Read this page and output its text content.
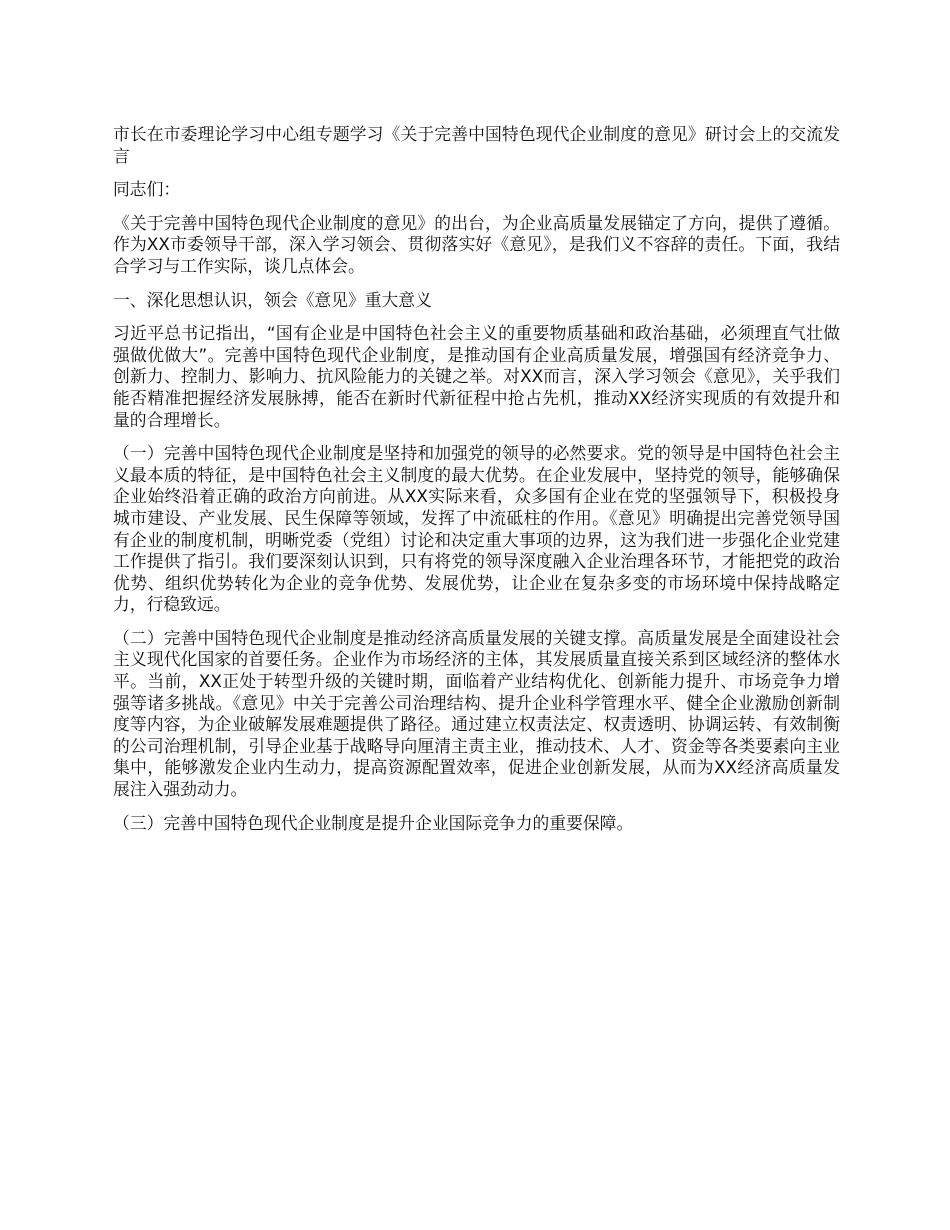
市长在市委理论学习中心组专题学习《关于完善中国特色现代企业制度的意见》研讨会上的交流发言

同志们：

《关于完善中国特色现代企业制度的意见》的出台，为企业高质量发展锚定了方向，提供了遵循。作为XX市委领导干部，深入学习领会、贯彻落实好《意见》，是我们义不容辞的责任。下面，我结合学习与工作实际，谈几点体会。

一、深化思想认识，领会《意见》重大意义

习近平总书记指出，“国有企业是中国特色社会主义的重要物质基础和政治基础，必须理直气壮做强做优做大”。完善中国特色现代企业制度，是推动国有企业高质量发展，增强国有经济竞争力、创新力、控制力、影响力、抗风险能力的关键之举。对XX而言，深入学习领会《意见》，关乎我们能否精准把握经济发展脉搏，能否在新时代新征程中抢占先机，推动XX经济实现质的有效提升和量的合理增长。

（一）完善中国特色现代企业制度是坚持和加强党的领导的必然要求。党的领导是中国特色社会主义最本质的特征，是中国特色社会主义制度的最大优势。在企业发展中，坚持党的领导，能够确保企业始终沿着正确的政治方向前进。从XX实际来看，众多国有企业在党的坚强领导下，积极投身城市建设、产业发展、民生保障等领域，发挥了中流砥柱的作用。《意见》明确提出完善党领导国有企业的制度机制，明晰党委（党组）讨论和决定重大事项的边界，这为我们进一步强化企业党建工作提供了指引。我们要深刻认识到，只有将党的领导深度融入企业治理各环节，才能把党的政治优势、组织优势转化为企业的竞争优势、发展优势，让企业在复杂多变的市场环境中保持战略定力，行稳致远。

（二）完善中国特色现代企业制度是推动经济高质量发展的关键支撑。高质量发展是全面建设社会主义现代化国家的首要任务。企业作为市场经济的主体，其发展质量直接关系到区域经济的整体水平。当前，XX正处于转型升级的关键时期，面临着产业结构优化、创新能力提升、市场竞争力增强等诸多挑战。《意见》中关于完善公司治理结构、提升企业科学管理水平、健全企业激励创新制度等内容，为企业破解发展难题提供了路径。通过建立权责法定、权责透明、协调运转、有效制衡的公司治理机制，引导企业基于战略导向厘清主责主业，推动技术、人才、资金等各类要素向主业集中，能够激发企业内生动力，提高资源配置效率，促进企业创新发展，从而为XX经济高质量发展注入强劲动力。

（三）完善中国特色现代企业制度是提升企业国际竞争力的重要保障。
